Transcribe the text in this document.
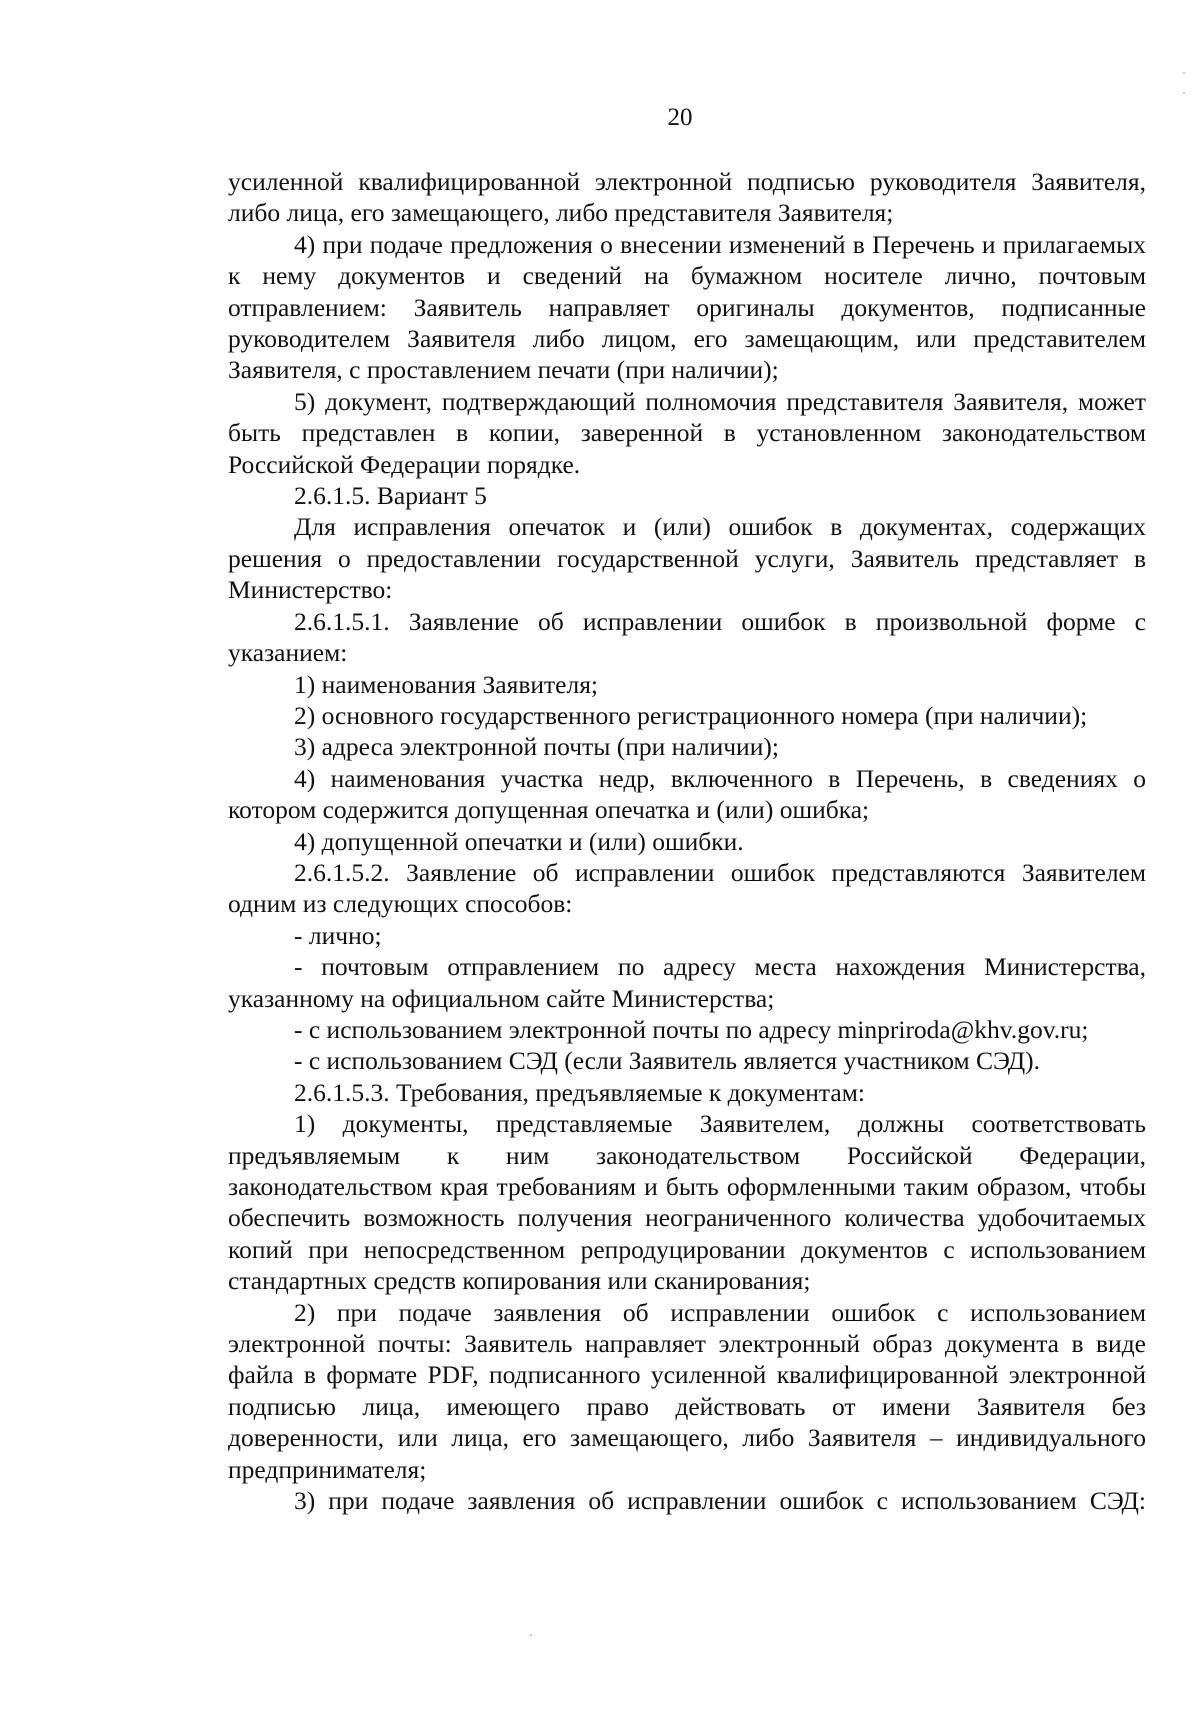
20

усиленной квалифицированной электронной подписью руководителя Заявителя, либо лица, его замещающего, либо представителя Заявителя;

4) при подаче предложения о внесении изменений в Перечень и прилагаемых к нему документов и сведений на бумажном носителе лично, почтовым отправлением: Заявитель направляет оригиналы документов, подписанные руководителем Заявителя либо лицом, его замещающим, или представителем Заявителя, с проставлением печати (при наличии);

5) документ, подтверждающий полномочия представителя Заявителя, может быть представлен в копии, заверенной в установленном законодательством Российской Федерации порядке.

2.6.1.5. Вариант 5

Для исправления опечаток и (или) ошибок в документах, содержащих решения о предоставлении государственной услуги, Заявитель представляет в Министерство:

2.6.1.5.1. Заявление об исправлении ошибок в произвольной форме с указанием:

1) наименования Заявителя;

2) основного государственного регистрационного номера (при наличии);

3) адреса электронной почты (при наличии);

4) наименования участка недр, включенного в Перечень, в сведениях о котором содержится допущенная опечатка и (или) ошибка;

4) допущенной опечатки и (или) ошибки.

2.6.1.5.2. Заявление об исправлении ошибок представляются Заявителем одним из следующих способов:

- лично;

- почтовым отправлением по адресу места нахождения Министерства, указанному на официальном сайте Министерства;

- с использованием электронной почты по адресу minpriroda@khv.gov.ru;

- с использованием СЭД (если Заявитель является участником СЭД).

2.6.1.5.3. Требования, предъявляемые к документам:

1) документы, представляемые Заявителем, должны соответствовать предъявляемым к ним законодательством Российской Федерации, законодательством края требованиям и быть оформленными таким образом, чтобы обеспечить возможность получения неограниченного количества удобочитаемых копий при непосредственном репродуцировании документов с использованием стандартных средств копирования или сканирования;

2) при подаче заявления об исправлении ошибок с использованием электронной почты: Заявитель направляет электронный образ документа в виде файла в формате PDF, подписанного усиленной квалифицированной электронной подписью лица, имеющего право действовать от имени Заявителя без доверенности, или лица, его замещающего, либо Заявителя – индивидуального предпринимателя;

3) при подаче заявления об исправлении ошибок с использованием СЭД:
